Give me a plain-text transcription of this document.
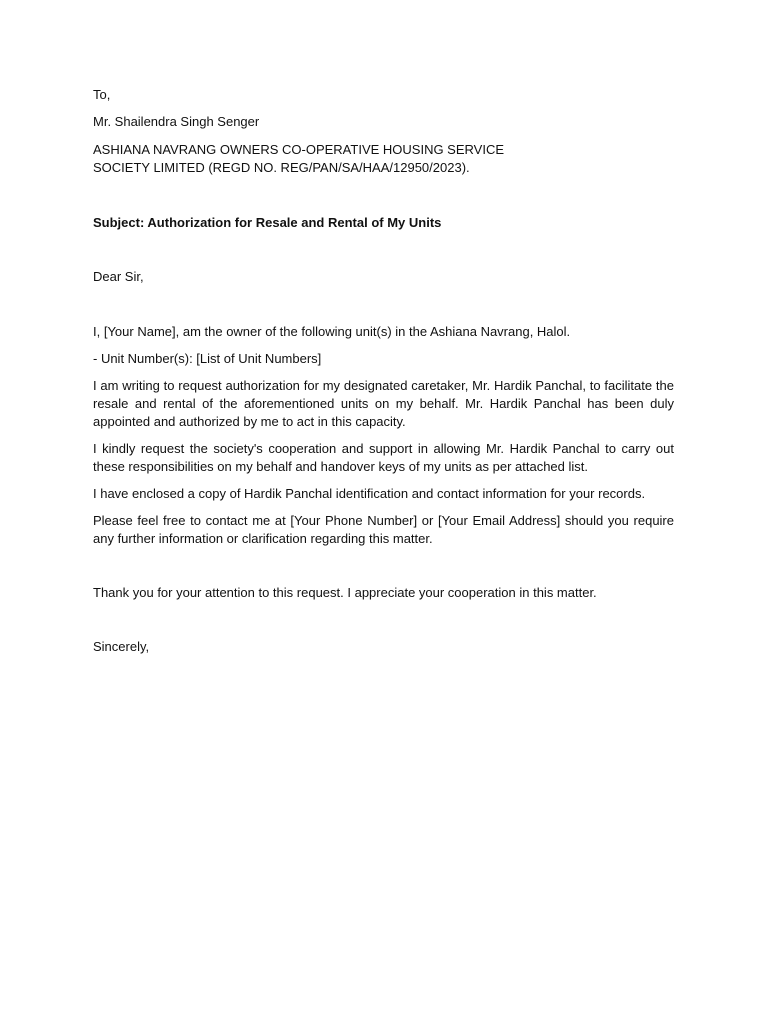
To,

Mr. Shailendra Singh Senger

ASHIANA NAVRANG OWNERS CO-OPERATIVE HOUSING SERVICE

SOCIETY LIMITED (REGD NO. REG/PAN/SA/HAA/12950/2023).

Subject: Authorization for Resale and Rental of My Units

Dear Sir,

I, [Your Name], am the owner of the following unit(s) in the Ashiana Navrang, Halol.

- Unit Number(s): [List of Unit Numbers]

I am writing to request authorization for my designated caretaker, Mr. Hardik Panchal, to facilitate the resale and rental of the aforementioned units on my behalf. Mr. Hardik Panchal has been duly appointed and authorized by me to act in this capacity.

I kindly request the society's cooperation and support in allowing Mr. Hardik Panchal to carry out these responsibilities on my behalf and handover keys of my units as per attached list.

I have enclosed a copy of Hardik Panchal identification and contact information for your records.

Please feel free to contact me at [Your Phone Number] or [Your Email Address] should you require any further information or clarification regarding this matter.

Thank you for your attention to this request. I appreciate your cooperation in this matter.

Sincerely,
